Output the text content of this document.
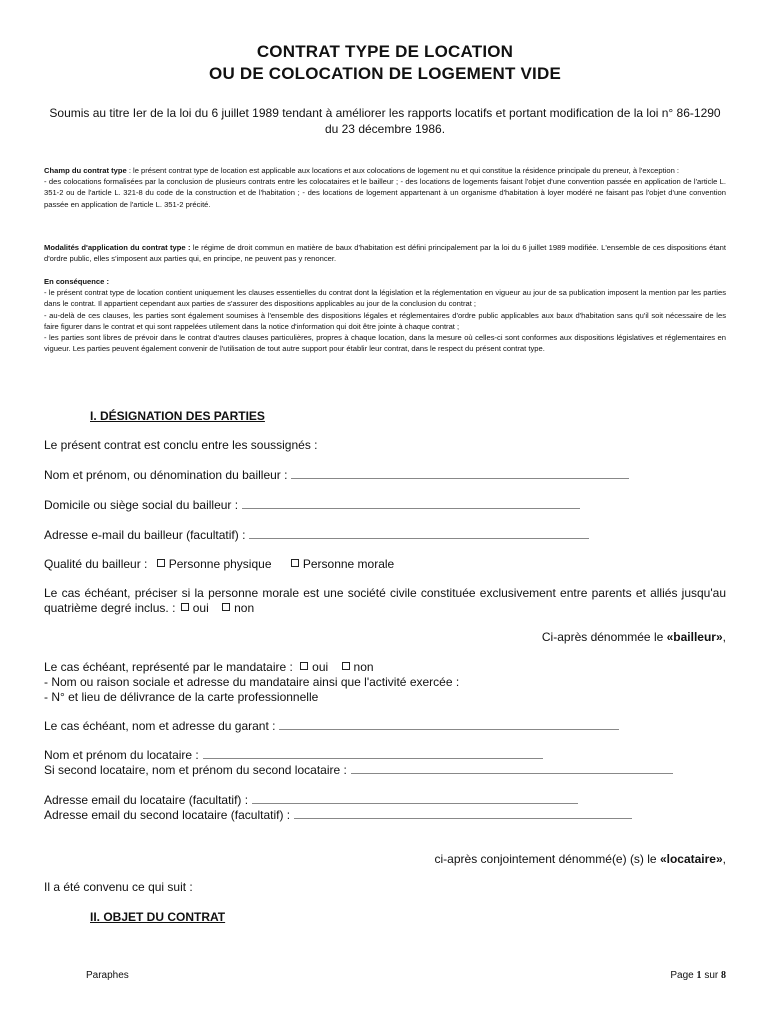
CONTRAT TYPE DE LOCATION
OU DE COLOCATION DE LOGEMENT VIDE
Soumis au titre Ier de la loi du 6 juillet 1989 tendant à améliorer les rapports locatifs et portant modification de la loi n° 86-1290 du 23 décembre 1986.
Champ du contrat type : le présent contrat type de location est applicable aux locations et aux colocations de logement nu et qui constitue la résidence principale du preneur, à l'exception :
- des colocations formalisées par la conclusion de plusieurs contrats entre les colocataires et le bailleur ; - des locations de logements faisant l'objet d'une convention passée en application de l'article L. 351-2 ou de l'article L. 321-8 du code de la construction et de l'habitation ; - des locations de logement appartenant à un organisme d'habitation à loyer modéré ne faisant pas l'objet d'une convention passée en application de l'article L. 351-2 précité.
Modalités d'application du contrat type : le régime de droit commun en matière de baux d'habitation est défini principalement par la loi du 6 juillet 1989 modifiée. L'ensemble de ces dispositions étant d'ordre public, elles s'imposent aux parties qui, en principe, ne peuvent pas y renoncer.
En conséquence :
- le présent contrat type de location contient uniquement les clauses essentielles du contrat dont la législation et la réglementation en vigueur au jour de sa publication imposent la mention par les parties dans le contrat. Il appartient cependant aux parties de s'assurer des dispositions applicables au jour de la conclusion du contrat ;
- au-delà de ces clauses, les parties sont également soumises à l'ensemble des dispositions légales et réglementaires d'ordre public applicables aux baux d'habitation sans qu'il soit nécessaire de les faire figurer dans le contrat et qui sont rappelées utilement dans la notice d'information qui doit être jointe à chaque contrat ;
- les parties sont libres de prévoir dans le contrat d'autres clauses particulières, propres à chaque location, dans la mesure où celles-ci sont conformes aux dispositions législatives et réglementaires en vigueur. Les parties peuvent également convenir de l'utilisation de tout autre support pour établir leur contrat, dans le respect du présent contrat type.
I. DÉSIGNATION DES PARTIES
Le présent contrat est conclu entre les soussignés :
Nom et prénom, ou dénomination du bailleur :
Domicile ou siège social du bailleur :
Adresse e-mail du bailleur (facultatif) :
Qualité du bailleur : Personne physique	Personne morale
Le cas échéant, préciser si la personne morale est une société civile constituée exclusivement entre parents et alliés jusqu'au quatrième degré inclus. : oui non
Ci-après dénommée le «bailleur»,
Le cas échéant, représenté par le mandataire : oui non
- Nom ou raison sociale et adresse du mandataire ainsi que l'activité exercée :
- N° et lieu de délivrance de la carte professionnelle
Le cas échéant, nom et adresse du garant :
Nom et prénom du locataire :
Si second locataire, nom et prénom du second locataire :
Adresse email du locataire (facultatif) :
Adresse email du second locataire (facultatif) :
ci-après conjointement dénommé(e) (s) le «locataire»,
Il a été convenu ce qui suit :
II. OBJET DU CONTRAT
Paraphes	Page 1 sur 8
